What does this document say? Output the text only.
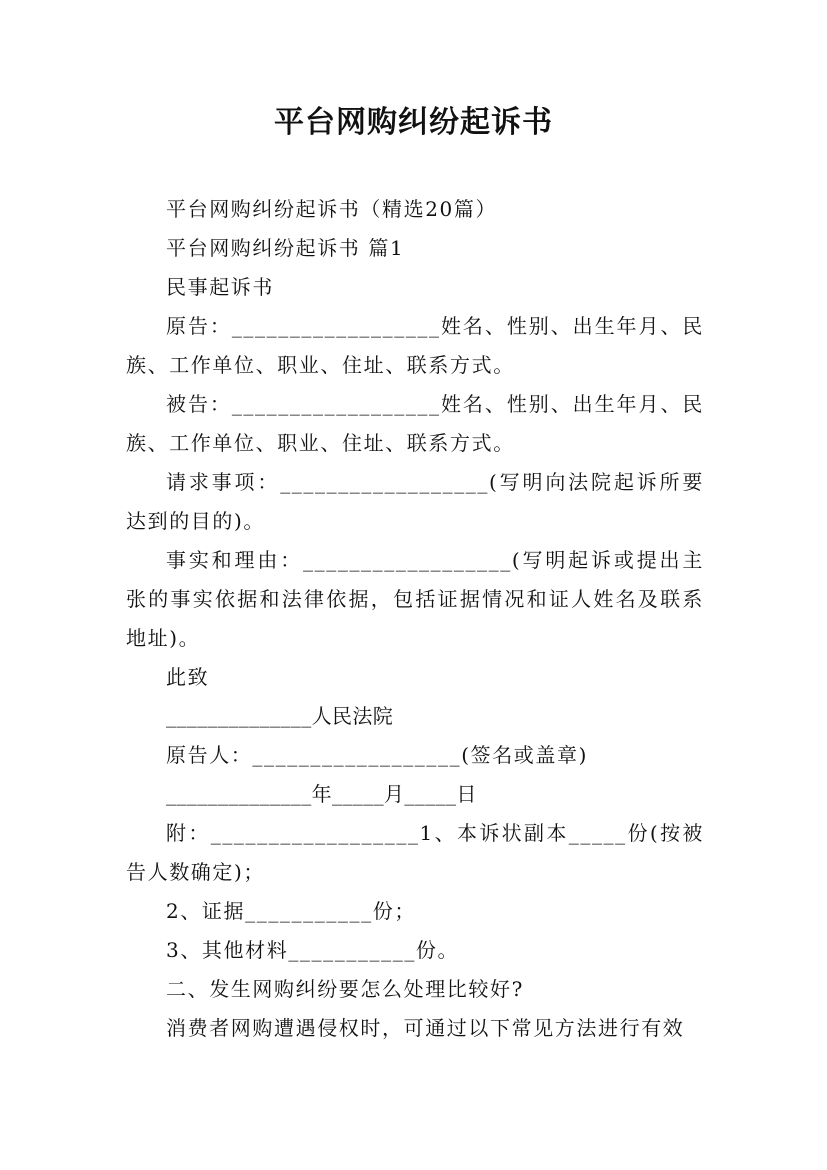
平台网购纠纷起诉书

平台网购纠纷起诉书（精选20篇）

平台网购纠纷起诉书 篇1

民事起诉书

原告：__________________姓名、性别、出生年月、民族、工作单位、职业、住址、联系方式。

被告：__________________姓名、性别、出生年月、民族、工作单位、职业、住址、联系方式。

请求事项：__________________(写明向法院起诉所要达到的目的)。

事实和理由：__________________(写明起诉或提出主张的事实依据和法律依据，包括证据情况和证人姓名及联系地址)。

此致

______________人民法院

原告人：__________________(签名或盖章)

______________年_____月_____日

附：__________________1、本诉状副本_____份(按被告人数确定)；

2、证据___________份；

3、其他材料___________份。

二、发生网购纠纷要怎么处理比较好?

消费者网购遭遇侵权时，可通过以下常见方法进行有效
